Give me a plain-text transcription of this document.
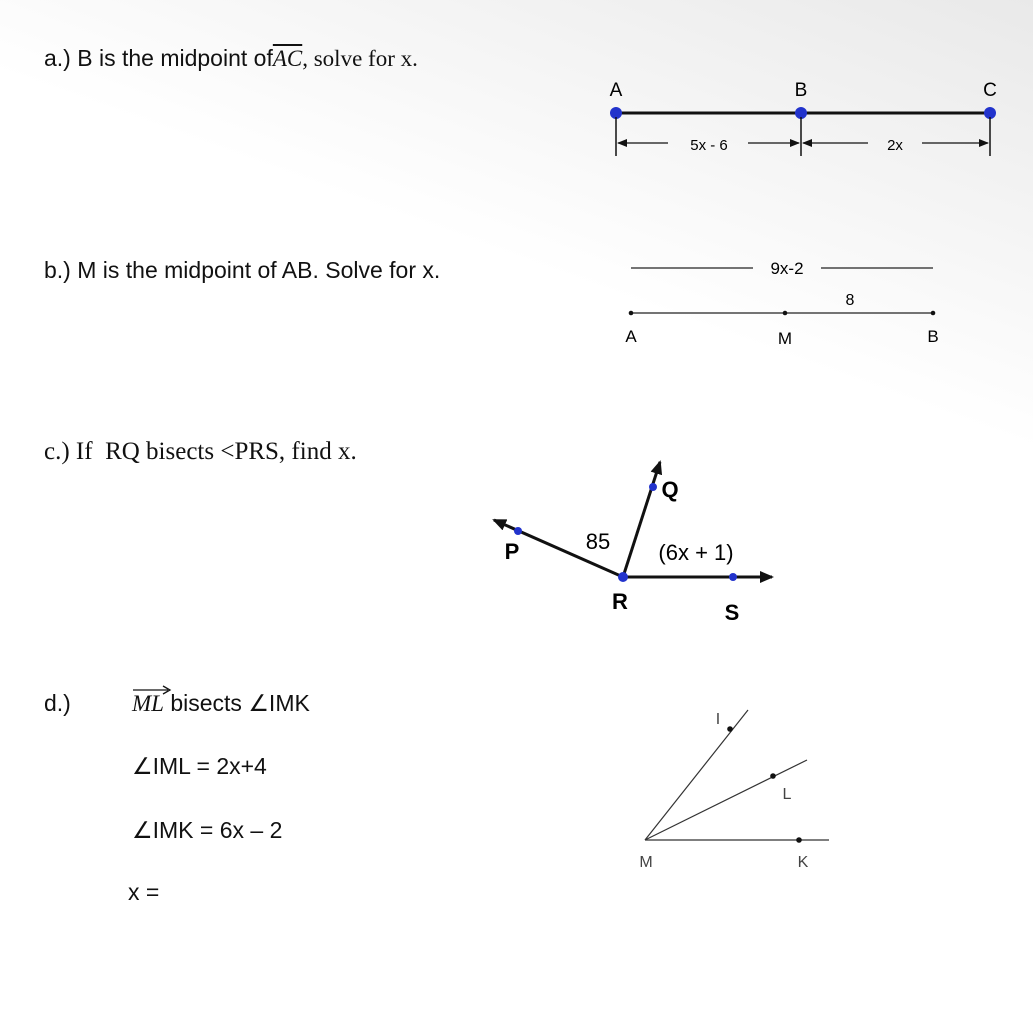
a.) B is the midpoint $of\overline{AC}$, solve for x.
A	B	C
5x - 6	2x
b.) M is the midpoint of AB. Solve for x.	9x-2
8
A	M	B
c.) If  RQ bisects <PRS, find x.
P
Q
R	S
85 (6x + 1)
d.)	ML bisects ∠IMK
∠IML = 2x+4
∠IMK = 6x – 2
x =
I
L
K
M
